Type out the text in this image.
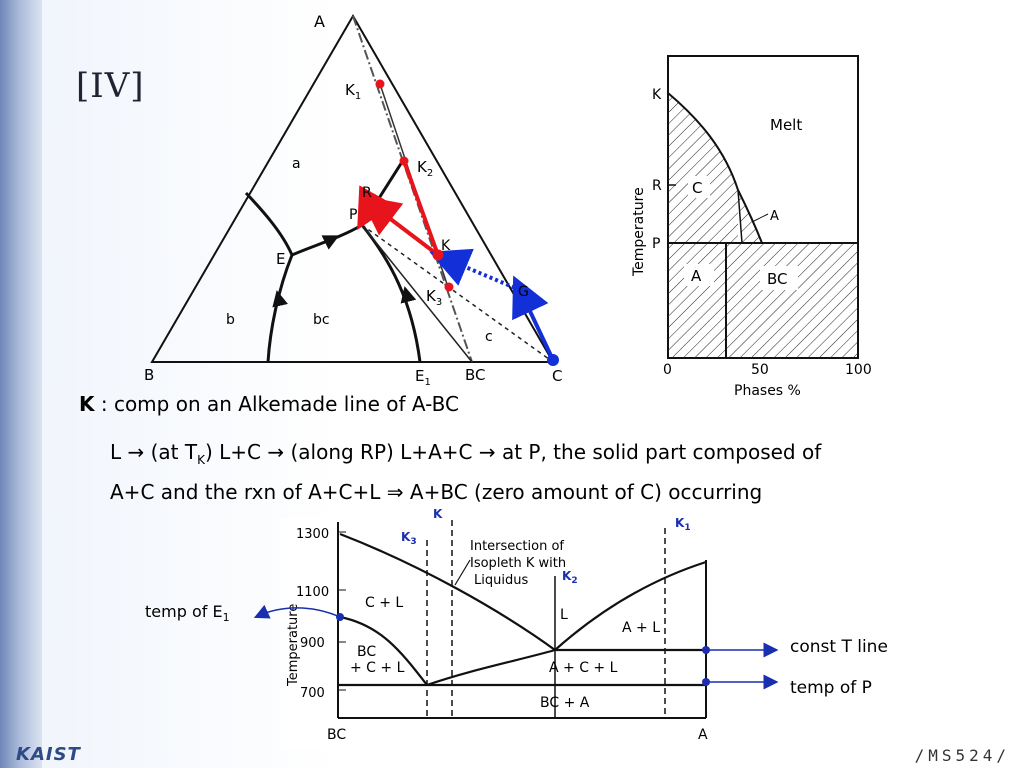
A
B	C
BC
$E_1$
E
$K_1$
$K_2$
K
$K_3$
R
P
G
a
b	bc
c
Melt
C
A
A	BC
K
R
P
0	50	100
Phases %
Temperature
1300
1100
900
700
Temperature
BC	A
C + L
BC
+ C + L
L
A + L
A + C + L
BC + A
Intersection of
Isopleth K with
Liquidus
K
$K_3$
$K_1$
$K_2$
[IV]
K : comp on an Alkemade line of A-BC
L → (at $T_K$) L+C → (along RP) L+A+C → at P, the solid part composed of
A+C and the rxn of A+C+L ⇒ A+BC (zero amount of C) occurring
temp of $E_1$
const T line
temp of P
KAIST	/MS524/
